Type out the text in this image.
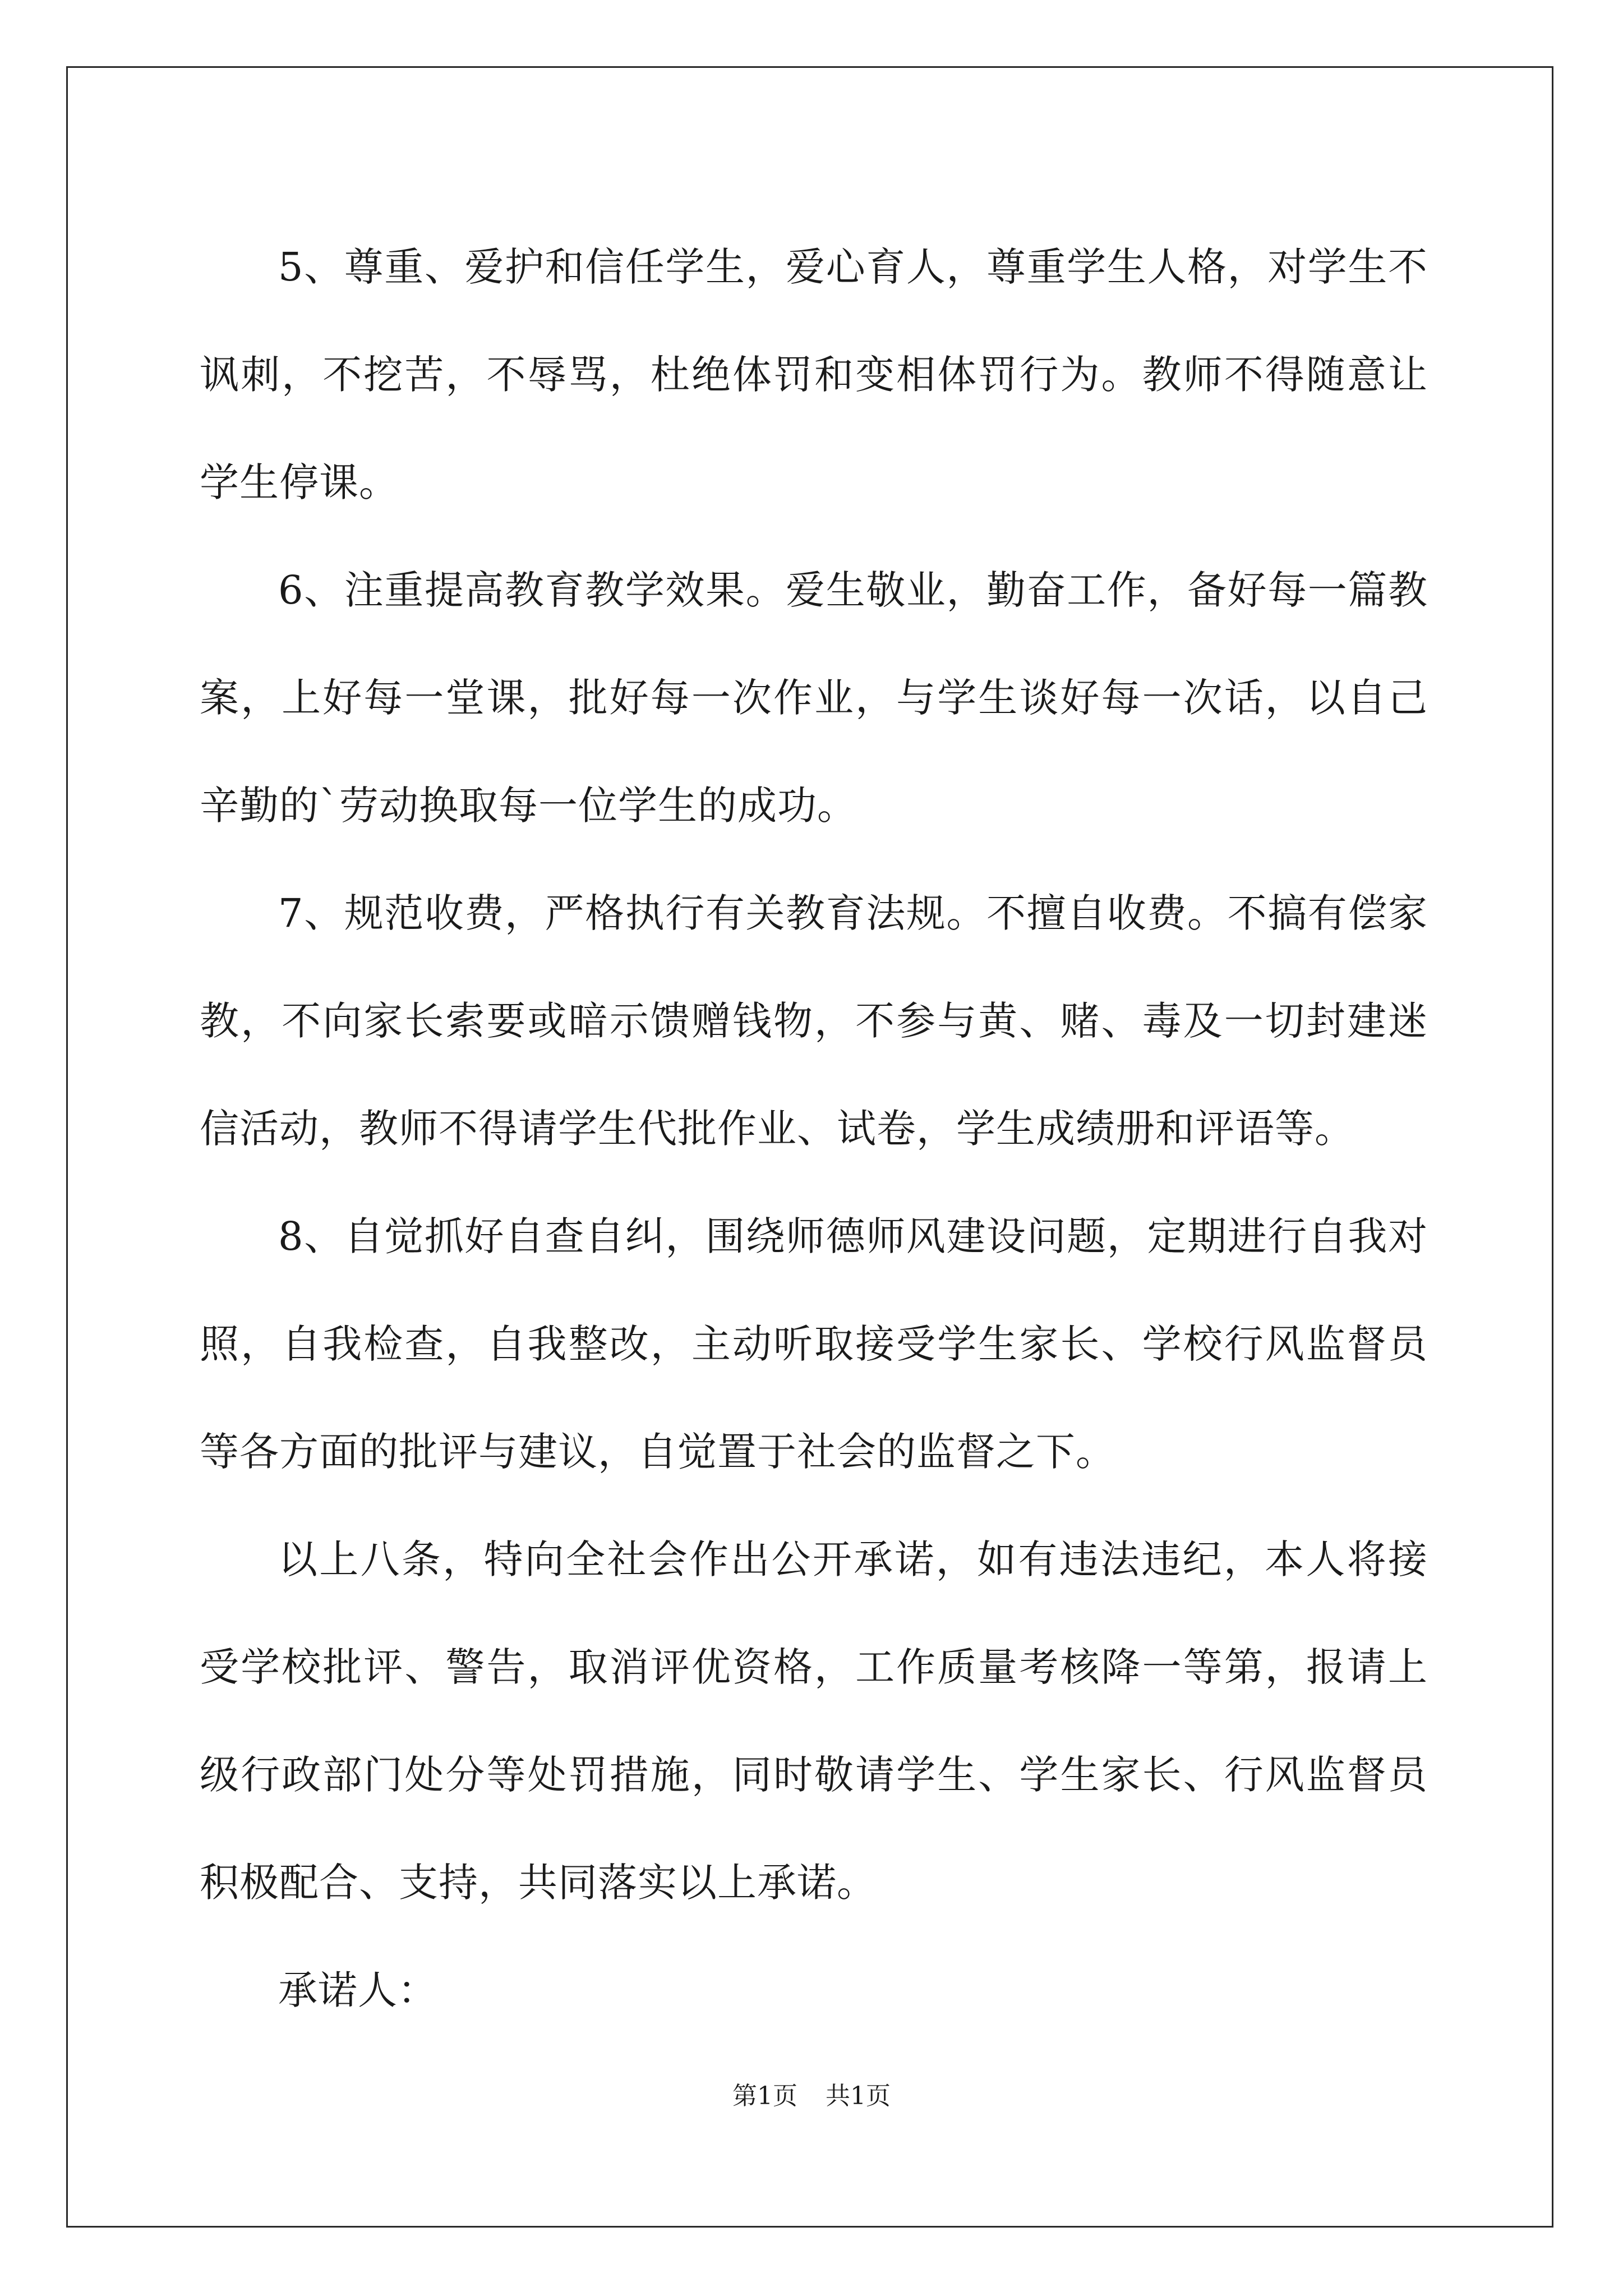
5、尊重、爱护和信任学生，爱心育人，尊重学生人格，对学生不讽刺，不挖苦，不辱骂，杜绝体罚和变相体罚行为。教师不得随意让学生停课。

6、注重提高教育教学效果。爱生敬业，勤奋工作，备好每一篇教案，上好每一堂课，批好每一次作业，与学生谈好每一次话，以自己辛勤的`劳动换取每一位学生的成功。

7、规范收费，严格执行有关教育法规。不擅自收费。不搞有偿家教，不向家长索要或暗示馈赠钱物，不参与黄、赌、毒及一切封建迷信活动，教师不得请学生代批作业、试卷，学生成绩册和评语等。

8、自觉抓好自查自纠，围绕师德师风建设问题，定期进行自我对照，自我检查，自我整改，主动听取接受学生家长、学校行风监督员等各方面的批评与建议，自觉置于社会的监督之下。

以上八条，特向全社会作出公开承诺，如有违法违纪，本人将接受学校批评、警告，取消评优资格，工作质量考核降一等第，报请上级行政部门处分等处罚措施，同时敬请学生、学生家长、行风监督员积极配合、支持，共同落实以上承诺。

承诺人：

第1页 共1页
